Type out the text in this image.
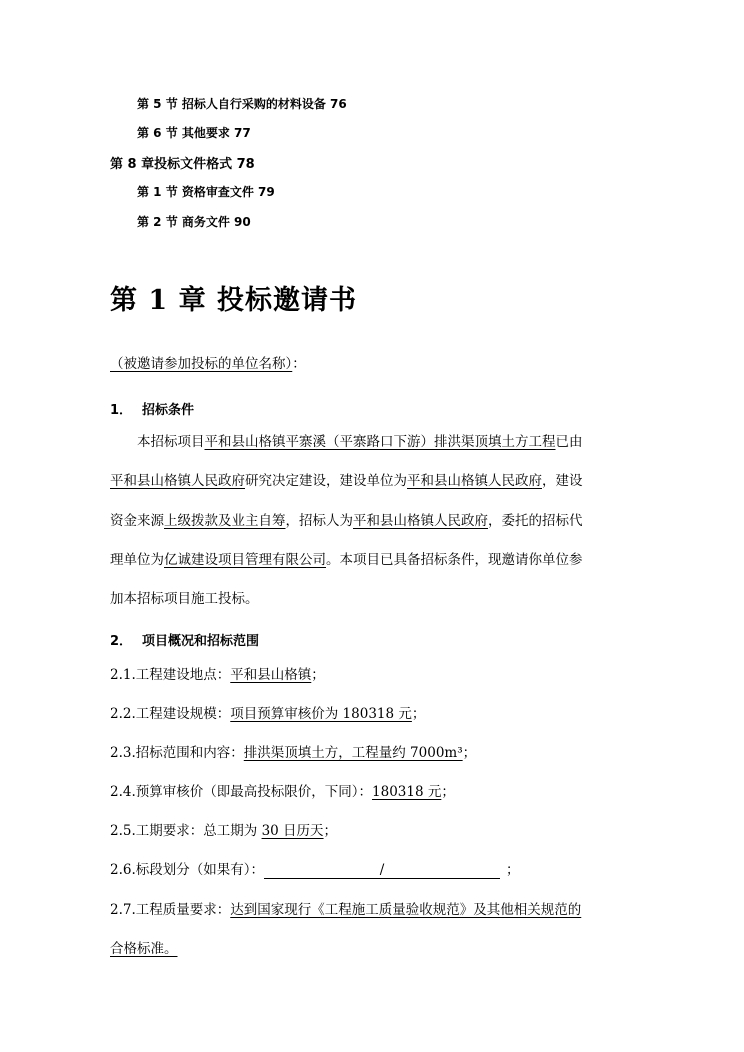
第 5 节 招标人自行采购的材料设备 76
第 6 节 其他要求 77
第 8 章投标文件格式 78
第 1 节 资格审查文件 79
第 2 节 商务文件 90
第 1 章 投标邀请书
（被邀请参加投标的单位名称）：
1． 招标条件
本招标项目平和县山格镇平寨溪（平寨路口下游）排洪渠顶填土方工程已由
平和县山格镇人民政府研究决定建设，建设单位为平和县山格镇人民政府，建设
资金来源上级拨款及业主自筹，招标人为平和县山格镇人民政府，委托的招标代
理单位为亿诚建设项目管理有限公司。本项目已具备招标条件，现邀请你单位参
加本招标项目施工投标。
2． 项目概况和招标范围
2.1.工程建设地点：平和县山格镇；
2.2.工程建设规模：项目预算审核价为 180318 元；
2.3.招标范围和内容：排洪渠顶填土方，工程量约 7000m³；
2.4.预算审核价（即最高投标限价，下同）：180318 元；
2.5.工期要求：总工期为 30 日历天；
2.6.标段划分（如果有）：	/	；
2.7.工程质量要求：达到国家现行《工程施工质量验收规范》及其他相关规范的
合格标准。
